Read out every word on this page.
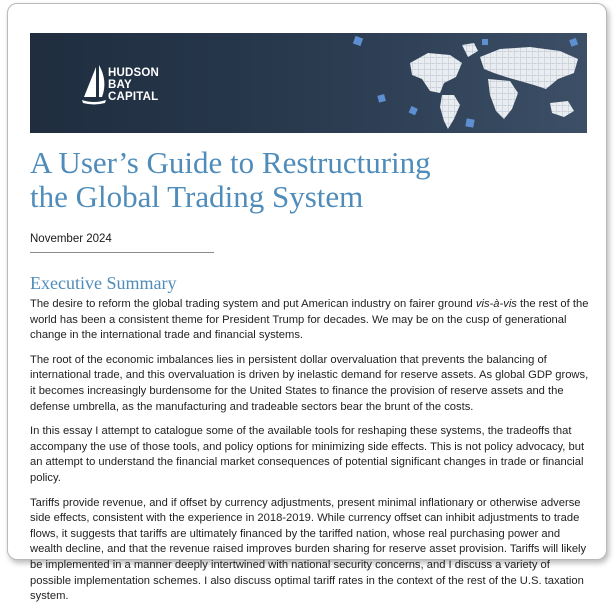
HUDSON
BAY
CAPITAL
A User’s Guide to Restructuring
the Global Trading System
November 2024
Executive Summary

The desire to reform the global trading system and put American industry on fairer ground vis-à-vis the rest of the world has been a consistent theme for President Trump for decades. We may be on the cusp of generational change in the international trade and financial systems.

The root of the economic imbalances lies in persistent dollar overvaluation that prevents the balancing of international trade, and this overvaluation is driven by inelastic demand for reserve assets. As global GDP grows, it becomes increasingly burdensome for the United States to finance the provision of reserve assets and the defense umbrella, as the manufacturing and tradeable sectors bear the brunt of the costs.

In this essay I attempt to catalogue some of the available tools for reshaping these systems, the tradeoffs that accompany the use of those tools, and policy options for minimizing side effects. This is not policy advocacy, but an attempt to understand the financial market consequences of potential significant changes in trade or financial policy.

Tariffs provide revenue, and if offset by currency adjustments, present minimal inflationary or otherwise adverse side effects, consistent with the experience in 2018-2019. While currency offset can inhibit adjustments to trade flows, it suggests that tariffs are ultimately financed by the tariffed nation, whose real purchasing power and wealth decline, and that the revenue raised improves burden sharing for reserve asset provision. Tariffs will likely be implemented in a manner deeply intertwined with national security concerns, and I discuss a variety of possible implementation schemes. I also discuss optimal tariff rates in the context of the rest of the U.S. taxation system.
